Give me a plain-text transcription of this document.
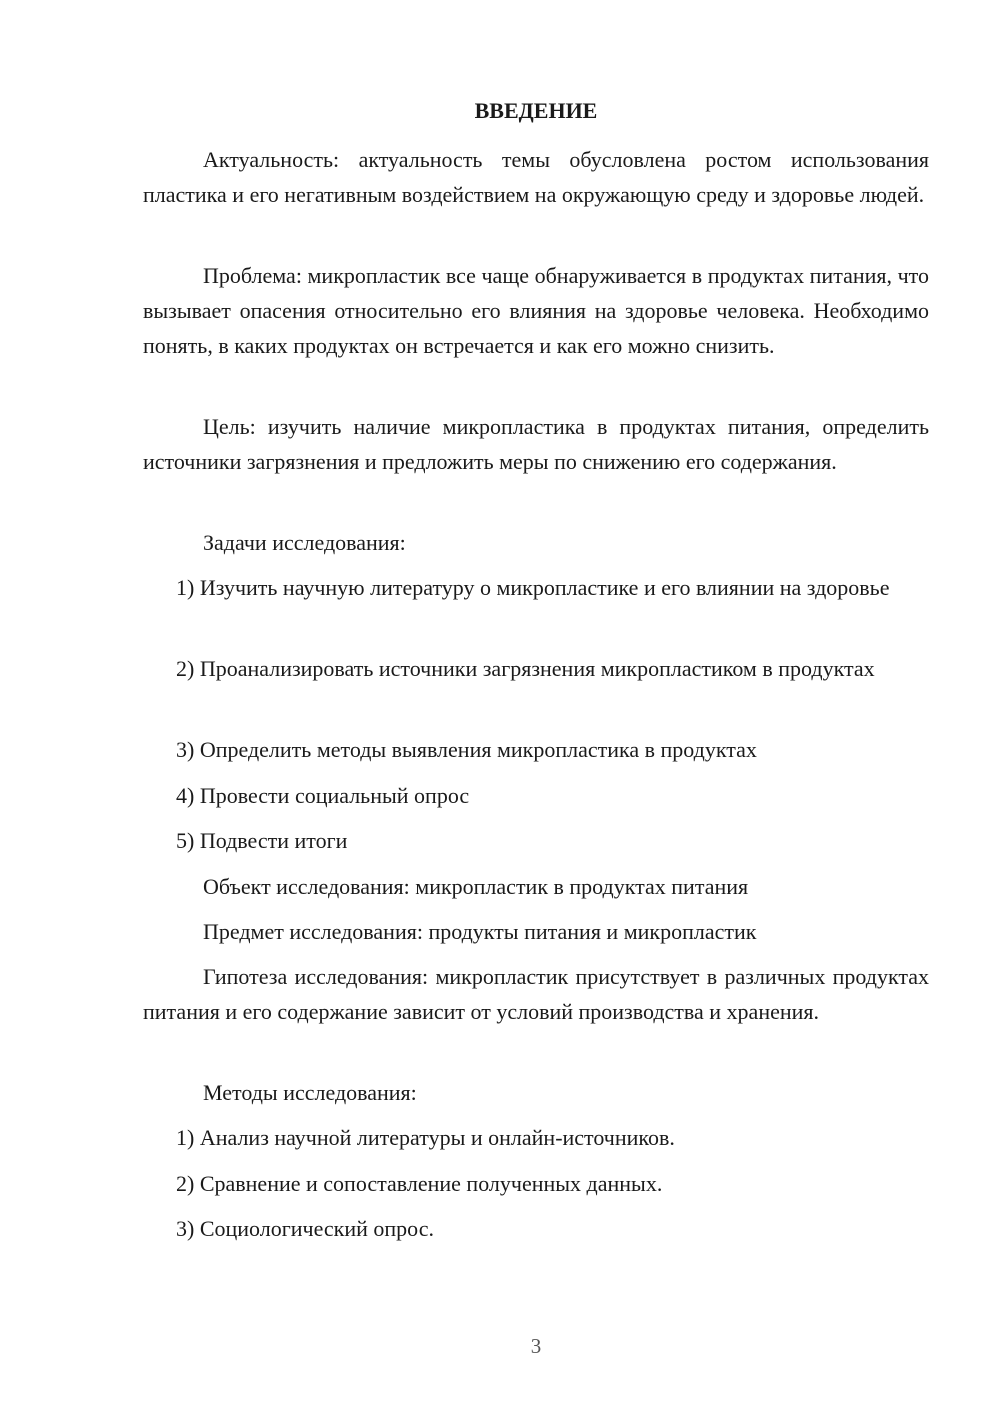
ВВЕДЕНИЕ

Актуальность: актуальность темы обусловлена ростом использования пластика и его негативным воздействием на окружающую среду и здоровье людей.

Проблема: микропластик все чаще обнаруживается в продуктах питания, что вызывает опасения относительно его влияния на здоровье человека. Необходимо понять, в каких продуктах он встречается и как его можно снизить.

Цель: изучить наличие микропластика в продуктах питания, определить источники загрязнения и предложить меры по снижению его содержания.

Задачи исследования:

1) Изучить научную литературу о микропластике и его влиянии на здоровье

2) Проанализировать источники загрязнения микропластиком в продуктах

3) Определить методы выявления микропластика в продуктах

4) Провести социальный опрос

5) Подвести итоги

Объект исследования: микропластик в продуктах питания

Предмет исследования: продукты питания и микропластик

Гипотеза исследования: микропластик присутствует в различных продуктах питания и его содержание зависит от условий производства и хранения.

Методы исследования:

1) Анализ научной литературы и онлайн-источников.

2) Сравнение и сопоставление полученных данных.

3) Социологический опрос.

3
